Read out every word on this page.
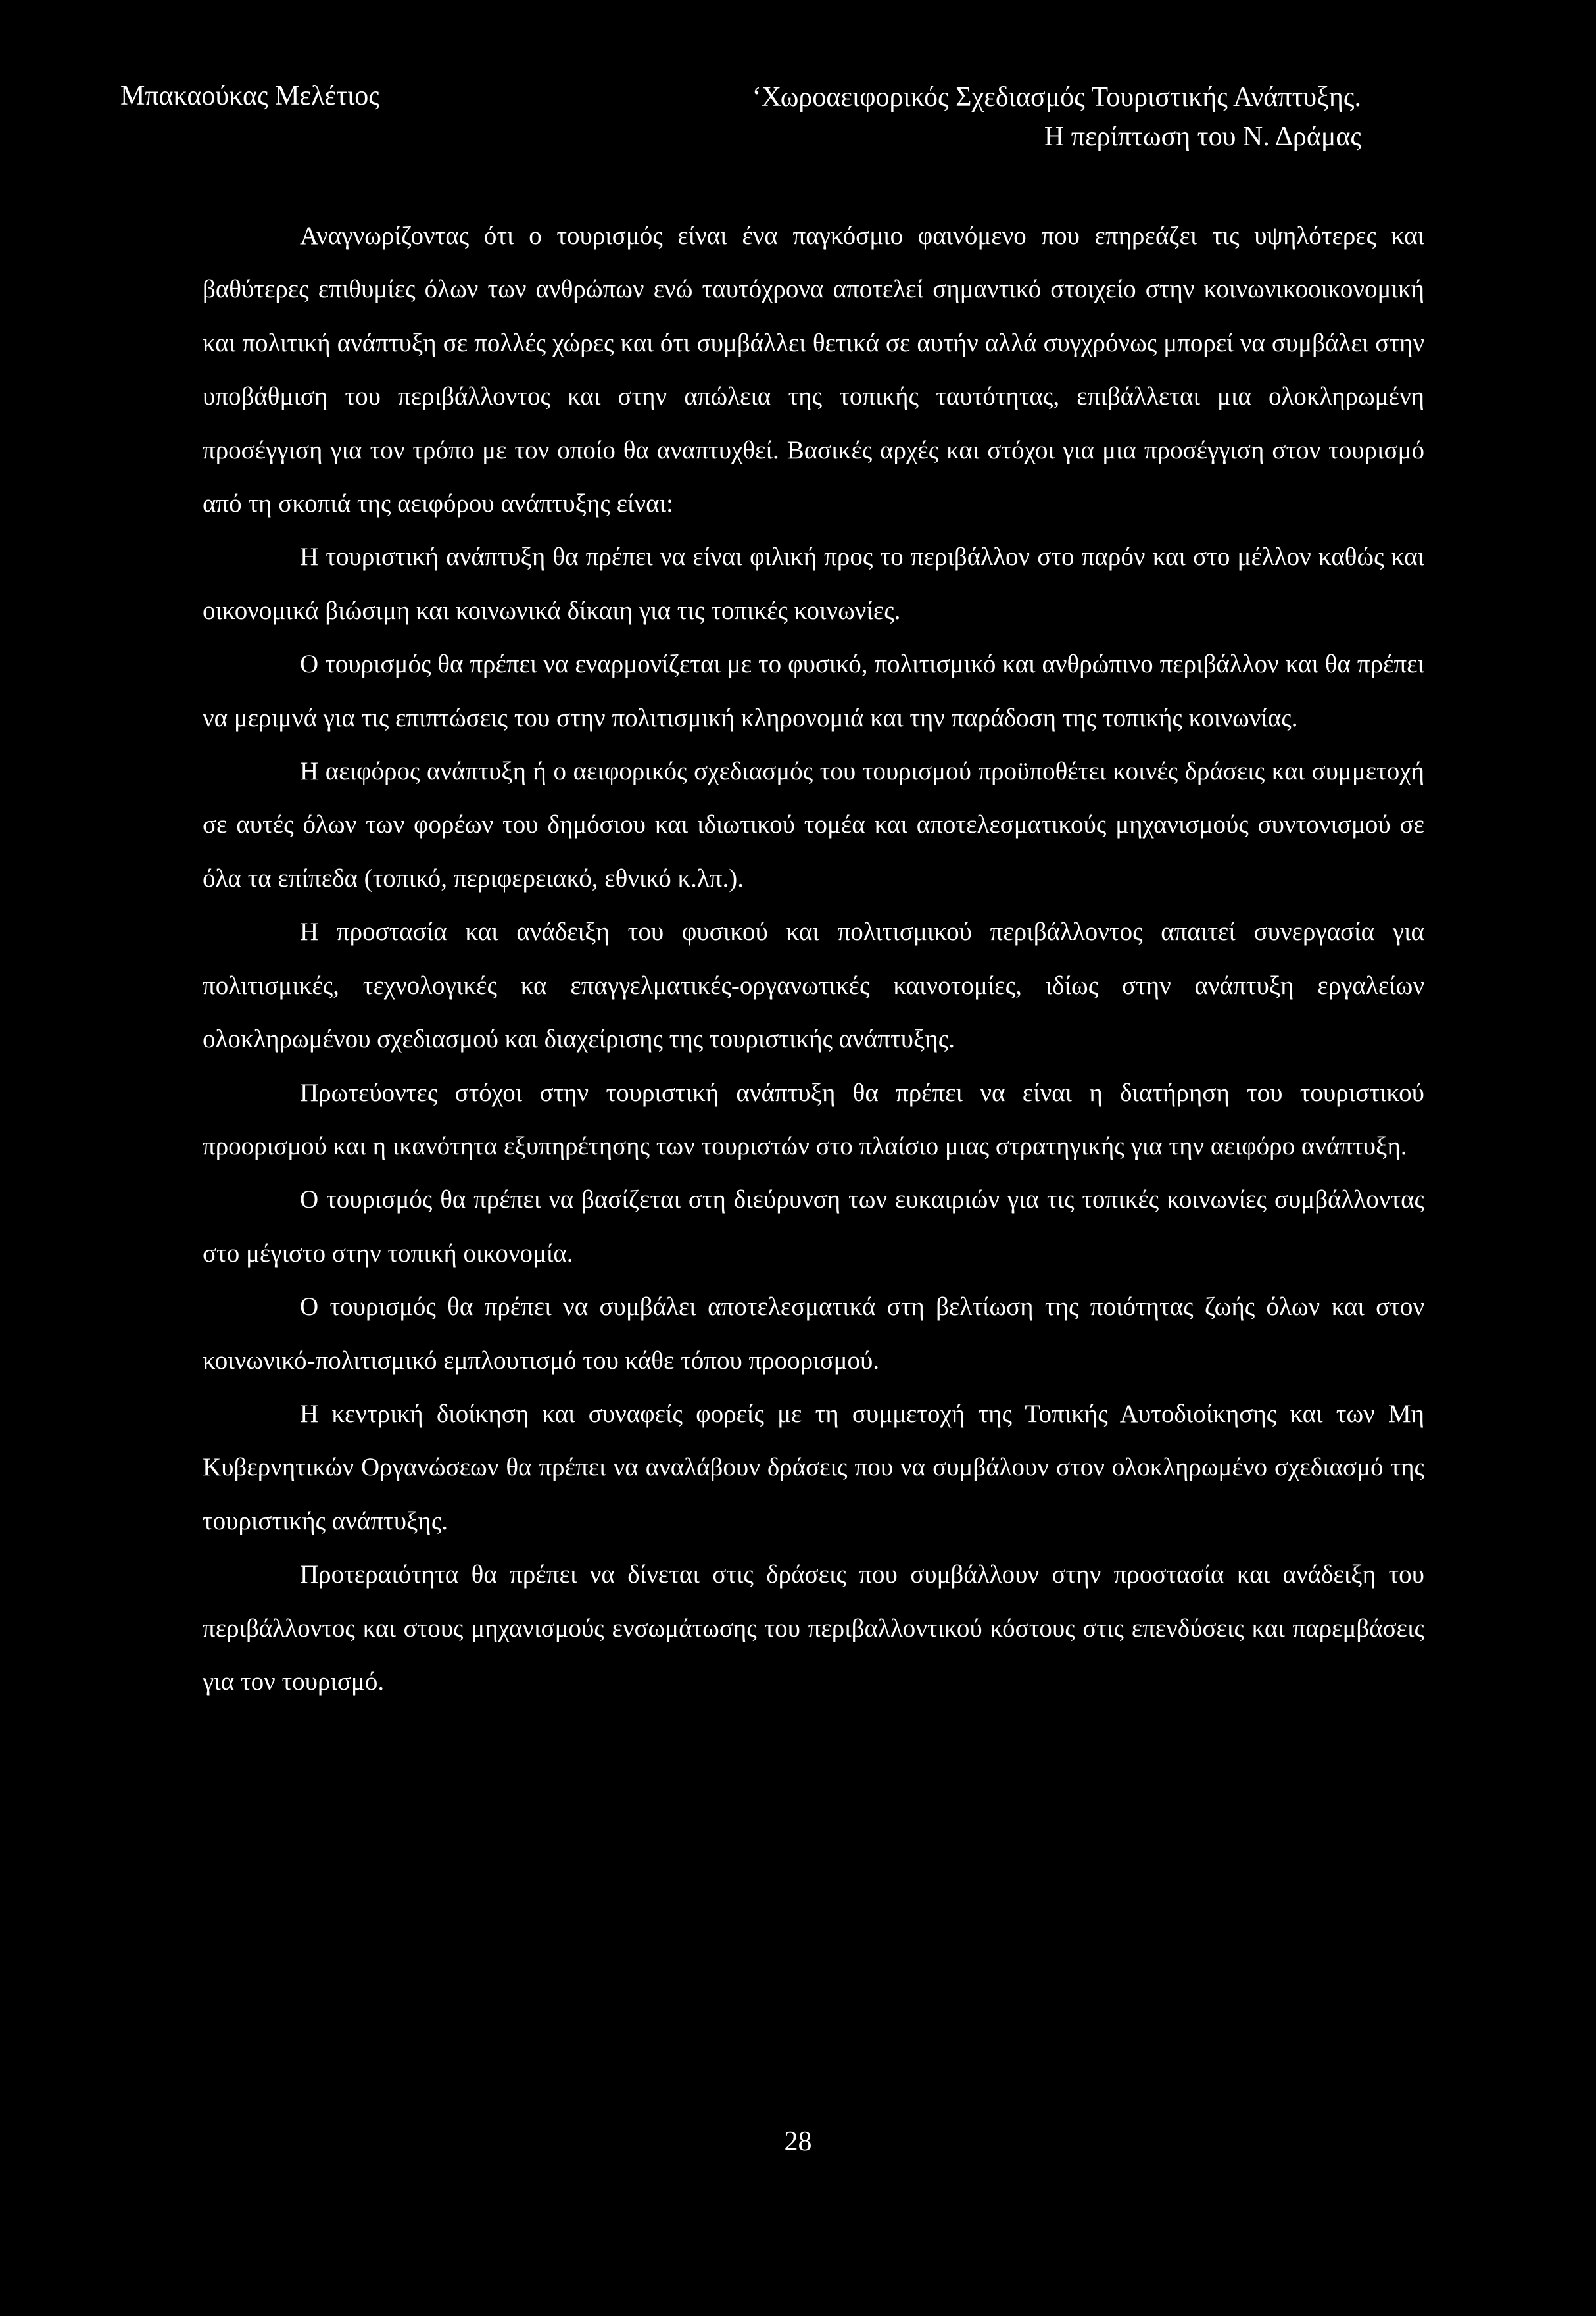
Μπακαούκας Μελέτιος	‘Χωροαειφορικός Σχεδιασμός Τουριστικής Ανάπτυξης.
Η περίπτωση του Ν. Δράμας

Αναγνωρίζοντας ότι ο τουρισμός είναι ένα παγκόσμιο φαινόμενο που επηρεάζει τις υψηλότερες και βαθύτερες επιθυμίες όλων των ανθρώπων ενώ ταυτόχρονα αποτελεί σημαντικό στοιχείο στην κοινωνικοοικονομική και πολιτική ανάπτυξη σε πολλές χώρες και ότι συμβάλλει θετικά σε αυτήν αλλά συγχρόνως μπορεί να συμβάλει στην υποβάθμιση του περιβάλλοντος και στην απώλεια της τοπικής ταυτότητας, επιβάλλεται μια ολοκληρωμένη προσέγγιση για τον τρόπο με τον οποίο θα αναπτυχθεί. Βασικές αρχές και στόχοι για μια προσέγγιση στον τουρισμό από τη σκοπιά της αειφόρου ανάπτυξης είναι:

Η τουριστική ανάπτυξη θα πρέπει να είναι φιλική προς το περιβάλλον στο παρόν και στο μέλλον καθώς και οικονομικά βιώσιμη και κοινωνικά δίκαιη για τις τοπικές κοινωνίες.

Ο τουρισμός θα πρέπει να εναρμονίζεται με το φυσικό, πολιτισμικό και ανθρώπινο περιβάλλον και θα πρέπει να μεριμνά για τις επιπτώσεις του στην πολιτισμική κληρονομιά και την παράδοση της τοπικής κοινωνίας.

Η αειφόρος ανάπτυξη ή ο αειφορικός σχεδιασμός του τουρισμού προϋποθέτει κοινές δράσεις και συμμετοχή σε αυτές όλων των φορέων του δημόσιου και ιδιωτικού τομέα και αποτελεσματικούς μηχανισμούς συντονισμού σε όλα τα επίπεδα (τοπικό, περιφερειακό, εθνικό κ.λπ.).

Η προστασία και ανάδειξη του φυσικού και πολιτισμικού περιβάλλοντος απαιτεί συνεργασία για πολιτισμικές, τεχνολογικές κα επαγγελματικές-οργανωτικές καινοτομίες, ιδίως στην ανάπτυξη εργαλείων ολοκληρωμένου σχεδιασμού και διαχείρισης της τουριστικής ανάπτυξης.

Πρωτεύοντες στόχοι στην τουριστική ανάπτυξη θα πρέπει να είναι η διατήρηση του τουριστικού προορισμού και η ικανότητα εξυπηρέτησης των τουριστών στο πλαίσιο μιας στρατηγικής για την αειφόρο ανάπτυξη.

Ο τουρισμός θα πρέπει να βασίζεται στη διεύρυνση των ευκαιριών για τις τοπικές κοινωνίες συμβάλλοντας στο μέγιστο στην τοπική οικονομία.

Ο τουρισμός θα πρέπει να συμβάλει αποτελεσματικά στη βελτίωση της ποιότητας ζωής όλων και στον κοινωνικό-πολιτισμικό εμπλουτισμό του κάθε τόπου προορισμού.

Η κεντρική διοίκηση και συναφείς φορείς με τη συμμετοχή της Τοπικής Αυτοδιοίκησης και των Μη Κυβερνητικών Οργανώσεων θα πρέπει να αναλάβουν δράσεις που να συμβάλουν στον ολοκληρωμένο σχεδιασμό της τουριστικής ανάπτυξης.

Προτεραιότητα θα πρέπει να δίνεται στις δράσεις που συμβάλλουν στην προστασία και ανάδειξη του περιβάλλοντος και στους μηχανισμούς ενσωμάτωσης του περιβαλλοντικού κόστους στις επενδύσεις και παρεμβάσεις για τον τουρισμό.

28
